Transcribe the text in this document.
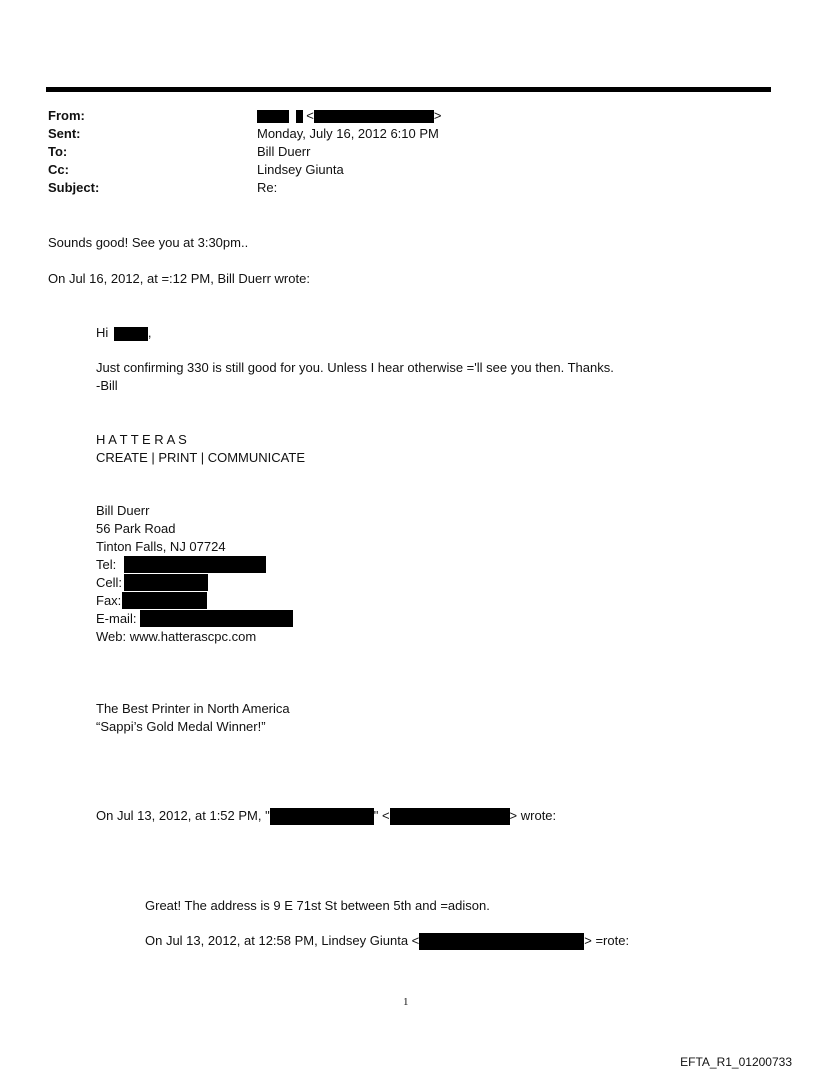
From:	<	>
Sent:	Monday, July 16, 2012 6:10 PM
To:	Bill Duerr
Cc:	Lindsey Giunta
Subject:	Re:
Sounds good! See you at 3:30pm..
On Jul 16, 2012, at =:12 PM, Bill Duerr wrote:
Hi	,
Just confirming 330 is still good for you. Unless I hear otherwise ='ll see you then. Thanks.
-Bill
H A T T E R A S
CREATE | PRINT | COMMUNICATE
Bill Duerr
56 Park Road
Tinton Falls, NJ 07724
Tel:
Cell:
Fax:
E-mail:
Web: www.hatterascpc.com
The Best Printer in North America
“Sappi’s Gold Medal Winner!”
On Jul 13, 2012, at 1:52 PM, "	" <	> wrote:
Great! The address is 9 E 71st St between 5th and =adison.
On Jul 13, 2012, at 12:58 PM, Lindsey Giunta <	> =rote:
1
EFTA_R1_01200733
